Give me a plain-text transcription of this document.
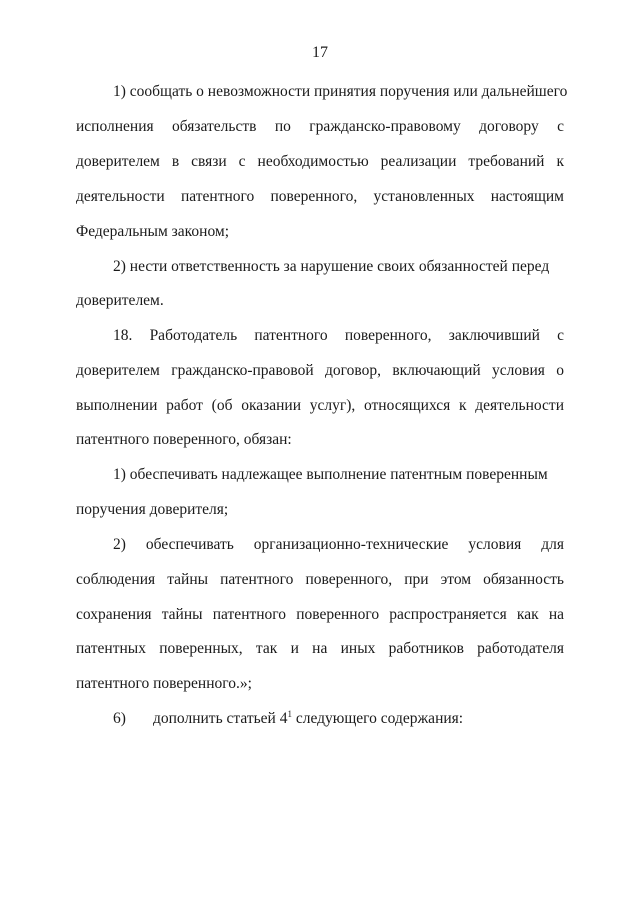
17
1) сообщать о невозможности принятия поручения или дальнейшего
исполнения обязательств по гражданско-правовому договору с
доверителем в связи с необходимостью реализации требований к
деятельности патентного поверенного, установленных настоящим
Федеральным законом;
2) нести ответственность за нарушение своих обязанностей перед
доверителем.
18. Работодатель патентного поверенного, заключивший с
доверителем гражданско-правовой договор, включающий условия о
выполнении работ (об оказании услуг), относящихся к деятельности
патентного поверенного, обязан:
1) обеспечивать надлежащее выполнение патентным поверенным
поручения доверителя;
2) обеспечивать организационно-технические условия для
соблюдения тайны патентного поверенного, при этом обязанность
сохранения тайны патентного поверенного распространяется как на
патентных поверенных, так и на иных работников работодателя
патентного поверенного.»;
6) дополнить статьей $4^1$ следующего содержания:
